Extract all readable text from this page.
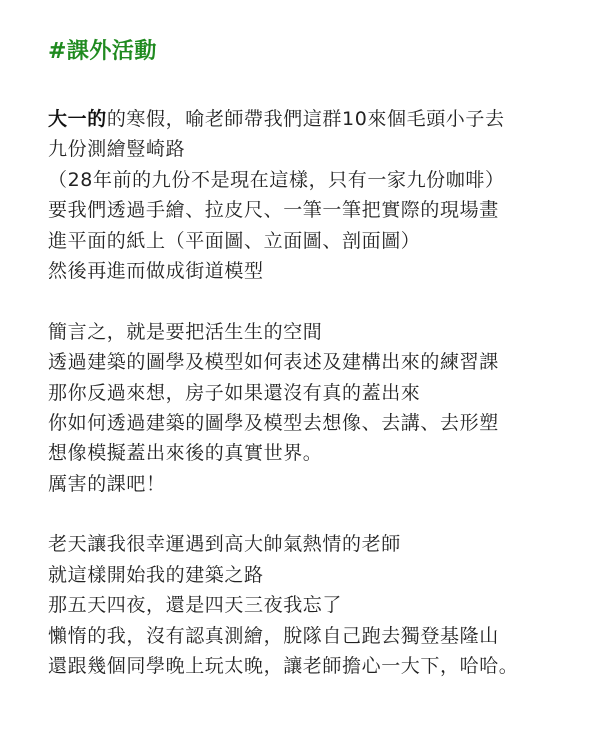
#課外活動
大一的的寒假，喻老師帶我們這群10來個毛頭小子去
九份測繪豎崎路
（28年前的九份不是現在這樣，只有一家九份咖啡）
要我們透過手繪、拉皮尺、一筆一筆把實際的現場畫
進平面的紙上（平面圖、立面圖、剖面圖）
然後再進而做成街道模型
簡言之，就是要把活生生的空間
透過建築的圖學及模型如何表述及建構出來的練習課
那你反過來想，房子如果還沒有真的蓋出來
你如何透過建築的圖學及模型去想像、去講、去形塑
想像模擬蓋出來後的真實世界。
厲害的課吧！
老天讓我很幸運遇到高大帥氣熱情的老師
就這樣開始我的建築之路
那五天四夜，還是四天三夜我忘了
懶惰的我，沒有認真測繪，脫隊自己跑去獨登基隆山
還跟幾個同學晚上玩太晚，讓老師擔心一大下，哈哈。
